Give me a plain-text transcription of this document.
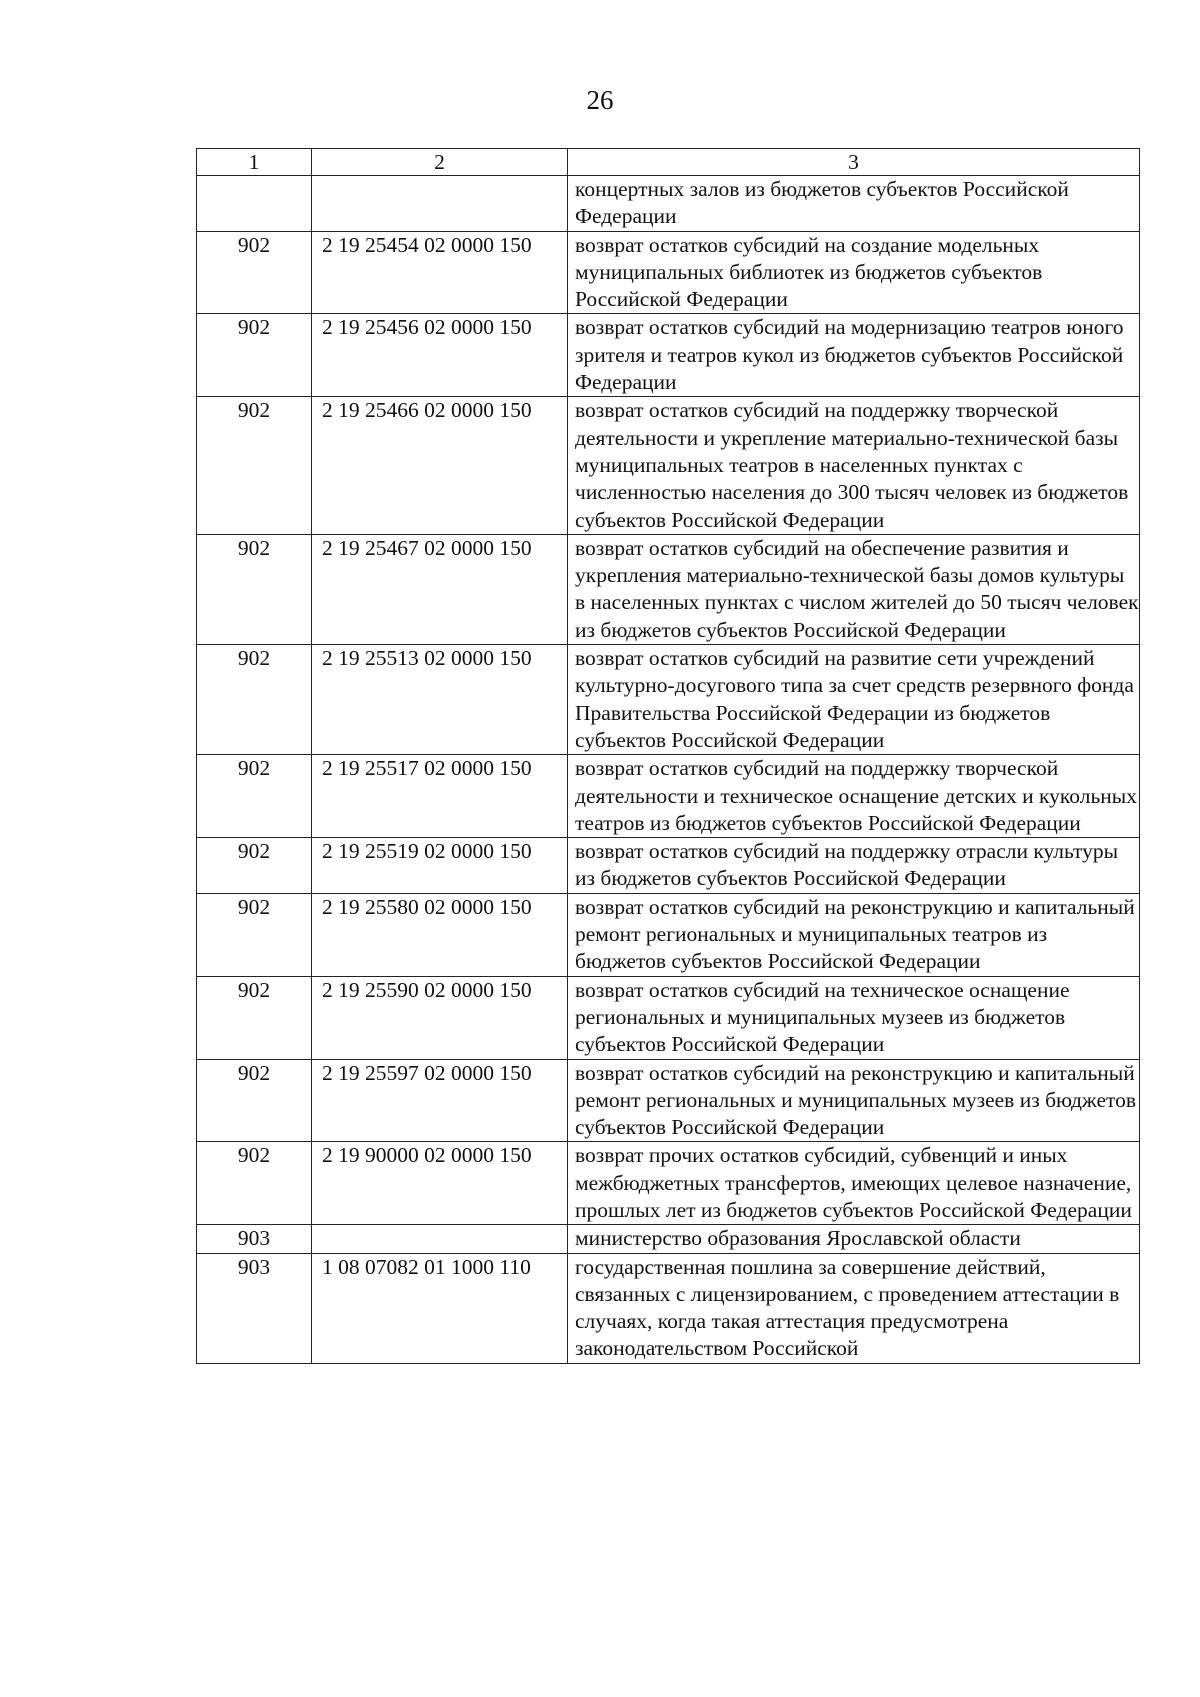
26
1	2	3
		концертных залов из бюджетов субъектов Российской Федерации
902	2 19 25454 02 0000 150	возврат остатков субсидий на создание модельных муниципальных библиотек из бюджетов субъектов Российской Федерации
902	2 19 25456 02 0000 150	возврат остатков субсидий на модернизацию театров юного зрителя и театров кукол из бюджетов субъектов Российской Федерации
902	2 19 25466 02 0000 150	возврат остатков субсидий на поддержку творческой деятельности и укрепление материально-технической базы муниципальных театров в населенных пунктах с численностью населения до 300 тысяч человек из бюджетов субъектов Российской Федерации
902	2 19 25467 02 0000 150	возврат остатков субсидий на обеспечение развития и укрепления материально-технической базы домов культуры в населенных пунктах с числом жителей до 50 тысяч человек из бюджетов субъектов Российской Федерации
902	2 19 25513 02 0000 150	возврат остатков субсидий на развитие сети учреждений культурно-досугового типа за счет средств резервного фонда Правительства Российской Федерации из бюджетов субъектов Российской Федерации
902	2 19 25517 02 0000 150	возврат остатков субсидий на поддержку творческой деятельности и техническое оснащение детских и кукольных театров из бюджетов субъектов Российской Федерации
902	2 19 25519 02 0000 150	возврат остатков субсидий на поддержку отрасли культуры из бюджетов субъектов Российской Федерации
902	2 19 25580 02 0000 150	возврат остатков субсидий на реконструкцию и капитальный ремонт региональных и муниципальных театров из бюджетов субъектов Российской Федерации
902	2 19 25590 02 0000 150	возврат остатков субсидий на техническое оснащение региональных и муниципальных музеев из бюджетов субъектов Российской Федерации
902	2 19 25597 02 0000 150	возврат остатков субсидий на реконструкцию и капитальный ремонт региональных и муниципальных музеев из бюджетов субъектов Российской Федерации
902	2 19 90000 02 0000 150	возврат прочих остатков субсидий, субвенций и иных межбюджетных трансфертов, имеющих целевое назначение, прошлых лет из бюджетов субъектов Российской Федерации
903		министерство образования Ярославской области
903	1 08 07082 01 1000 110	государственная пошлина за совершение действий, связанных с лицензированием, с проведением аттестации в случаях, когда такая аттестация предусмотрена законодательством Российской
